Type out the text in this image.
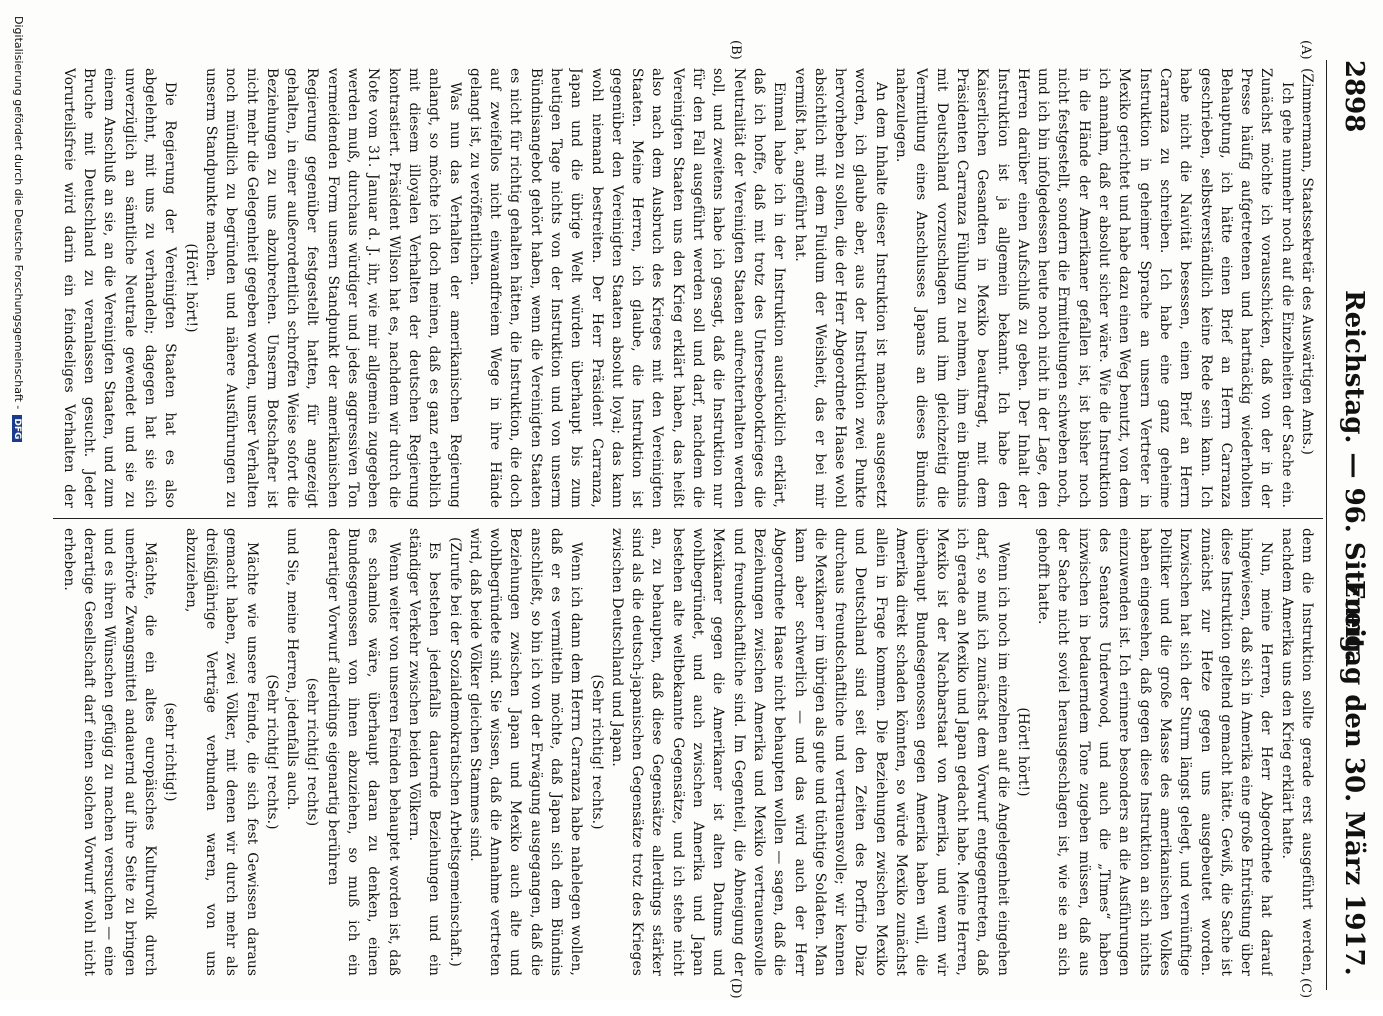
2898
Reichstag. — 96. Sitzung.
Freitag den 30. März 1917.
(A)
(B)
(C)
(D)

(Zimmermann, Staatssekretär des Auswärtigen Amts.)

Ich gehe nunmehr noch auf die Einzelheiten der Sache ein. Zunächst möchte ich vorausschicken, daß von der in der Presse häufig aufgetretenen und hartnäckig wiederholten Behauptung, ich hätte einen Brief an Herrn Carranza geschrieben, selbstverständlich keine Rede sein kann. Ich habe nicht die Naivität besessen, einen Brief an Herrn Carranza zu schreiben. Ich habe eine ganz geheime Instruktion in geheimer Sprache an unsern Vertreter in Mexiko gerichtet und habe dazu einen Weg benutzt, von dem ich annahm, daß er absolut sicher wäre. Wie die Instruktion in die Hände der Amerikaner gefallen ist, ist bisher noch nicht festgestellt, sondern die Ermittelungen schweben noch, und ich bin infolgedessen heute noch nicht in der Lage, den Herren darüber einen Aufschluß zu geben. Der Inhalt der Instruktion ist ja allgemein bekannt. Ich habe den Kaiserlichen Gesandten in Mexiko beauftragt, mit dem Präsidenten Carranza Fühlung zu nehmen, ihm ein Bündnis mit Deutschland vorzuschlagen und ihm gleichzeitig die Vermittlung eines Anschlusses Japans an dieses Bündnis nahezulegen.

An dem Inhalte dieser Instruktion ist manches ausgesetzt worden, ich glaube aber, aus der Instruktion zwei Punkte hervorheben zu sollen, die der Herr Abgeordnete Haase wohl absichtlich mit dem Fluidum der Weisheit, das er bei mir vermißt hat, angeführt hat.

Einmal habe ich in der Instruktion ausdrücklich erklärt, daß ich hoffe, daß mit trotz des Unterseebootkrieges die Neutralität der Vereinigten Staaten aufrechterhalten werden soll, und zweitens habe ich gesagt, daß die Instruktion nur für den Fall ausgeführt werden soll und darf, nachdem die Vereinigten Staaten uns den Krieg erklärt haben, das heißt also nach dem Ausbruch des Krieges mit den Vereinigten Staaten. Meine Herren, ich glaube, die Instruktion ist gegenüber den Vereinigten Staaten absolut loyal; das kann wohl niemand bestreiten. Der Herr Präsident Carranza, Japan und die übrige Welt würden überhaupt bis zum heutigen Tage nichts von der Instruktion und von unserm Bündnisangebot gehört haben, wenn die Vereinigten Staaten es nicht für richtig gehalten hätten, die Instruktion, die doch auf zweifellos nicht einwandfreiem Wege in ihre Hände gelangt ist, zu veröffentlichen.

Was nun das Verhalten der amerikanischen Regierung anlangt, so möchte ich doch meinen, daß es ganz erheblich mit diesem illoyalen Verhalten der deutschen Regierung kontrastiert. Präsident Wilson hat es, nachdem wir durch die Note vom 31. Januar d. J. ihr, wie mir allgemein zugegeben werden muß, durchaus würdiger und jedes aggressiven Ton vermeidenden Form unsern Standpunkt der amerikanischen Regierung gegenüber festgestellt hatten, für angezeigt gehalten, in einer außerordentlich schroffen Weise sofort die Beziehungen zu uns abzubrechen. Unserm Botschafter ist nicht mehr die Gelegenheit gegeben worden, unser Verhalten noch mündlich zu begründen und nähere Ausführungen zu unserm Standpunkte machen.

(Hört! hört!)

Die Regierung der Vereinigten Staaten hat es also abgelehnt, mit uns zu verhandeln; dagegen hat sie sich unverzüglich an sämtliche Neutrale gewendet und sie zu einem Anschluß an sie, an die Vereinigten Staaten, und zum Bruche mit Deutschland zu veranlassen gesucht. Jeder Vorurteilsfreie wird darin ein feindseliges Verhalten der

denn die Instruktion sollte gerade erst ausgeführt werden, nachdem Amerika uns den Krieg erklärt hatte.

Nun, meine Herren, der Herr Abgeordnete hat darauf hingewiesen, daß sich in Amerika eine große Entrüstung über diese Instruktion geltend gemacht hätte. Gewiß, die Sache ist zunächst zur Hetze gegen uns ausgebeutet worden. Inzwischen hat sich der Sturm längst gelegt, und vernünftige Politiker und die große Masse des amerikanischen Volkes haben eingesehen, daß gegen diese Instruktion an sich nichts einzuwenden ist. Ich erinnere besonders an die Ausführungen des Senators Underwood, und auch die „Times“ haben inzwischen in bedauerndem Tone zugeben müssen, daß aus der Sache nicht soviel herausgeschlagen ist, wie sie an sich gehofft hatte.

(Hört! hört!)

Wenn ich noch im einzelnen auf die Angelegenheit eingehen darf, so muß ich zunächst dem Vorwurf entgegentreten, daß ich gerade an Mexiko und Japan gedacht habe. Meine Herren, Mexiko ist der Nachbarstaat von Amerika, und wenn wir überhaupt Bundesgenossen gegen Amerika haben will, die Amerika direkt schaden könnten, so würde Mexiko zunächst allein in Frage kommen. Die Beziehungen zwischen Mexiko und Deutschland sind seit den Zeiten des Porfirio Diaz durchaus freundschaftliche und vertrauensvolle; wir kennen die Mexikaner im übrigen als gute und tüchtige Soldaten. Man kann aber schwerlich — und das wird auch der Herr Abgeordnete Haase nicht behaupten wollen — sagen, daß die Beziehungen zwischen Amerika und Mexiko vertrauensvolle und freundschaftliche sind. Im Gegenteil, die Abneigung der Mexikaner gegen die Amerikaner ist alten Datums und wohlbegründet, und auch zwischen Amerika und Japan bestehen alte weltbekannte Gegensätze, und ich stehe nicht an, zu behaupten, daß diese Gegensätze allerdings stärker sind als die deutsch-japanischen Gegensätze trotz des Krieges zwischen Deutschland und Japan.

(Sehr richtig! rechts.)

Wenn ich dann dem Herrn Carranza habe nahelegen wollen, daß er es vermitteln möchte, daß Japan sich dem Bündnis anschließt, so bin ich von der Erwägung ausgegangen, daß die Beziehungen zwischen Japan und Mexiko auch alte und wohlbegründete sind. Sie wissen, daß die Annahme vertreten wird, daß beide Völker gleichen Stammes sind.

(Zurufe bei der Sozialdemokratischen Arbeitsgemeinschaft.)

Es bestehen jedenfalls dauernde Beziehungen und ein ständiger Verkehr zwischen beiden Völkern.

Wenn weiter von unseren Feinden behauptet worden ist, daß es schamlos wäre, überhaupt daran zu denken, einen Bundesgenossen von ihnen abzuziehen, so muß ich ein derartiger Vorwurf allerdings eigenartig berühren

(sehr richtig! rechts)

und Sie, meine Herren, jedenfalls auch.

(Sehr richtig! rechts.)

Mächte wie unsere Feinde, die sich fest Gewissen daraus gemacht haben, zwei Völker, mit denen wir durch mehr als dreißigjährige Verträge verbunden waren, von uns abzuziehen,

(sehr richtig!)

Mächte, die ein altes europäisches Kulturvolk durch unerhörte Zwangsmittel andauernd auf ihre Seite zu bringen und es ihren Wünschen gefügig zu machen versuchen — eine derartige Gesellschaft darf einen solchen Vorwurf wohl nicht erheben.

Digitalisierung gefördert durch die Deutsche Forschungsgemeinschaft -DFG
